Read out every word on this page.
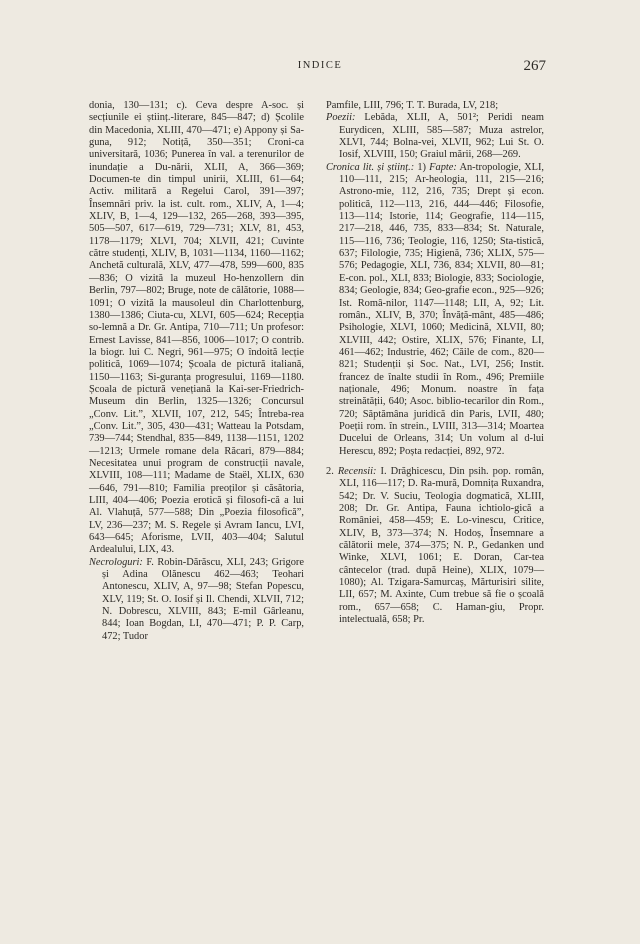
INDICE	267

donia, 130—131; c). Ceva despre A-soc. și secțiunile ei științ.-literare, 845—847; d) Școlile din Macedonia, XLIII, 470—471; e) Appony și Sa-guna, 912; Notiță, 350—351; Croni-ca universitară, 1036; Punerea în val. a terenurilor de inundație a Du-nării, XLII, A, 366—369; Documen-te din timpul unirii, XLIII, 61—64; Activ. militară a Regelui Carol, 391—397; Însemnări priv. la ist. cult. rom., XLIV, A, 1—4; XLIV, B, 1—4, 129—132, 265—268, 393—395, 505—507, 617—619, 729—731; XLV, 81, 453, 1178—1179; XLVI, 704; XLVII, 421; Cuvinte către studenți, XLIV, B, 1031—1134, 1160—1162; Anchetă culturală, XLV, 477—478, 599—600, 835—836; O vizită la muzeul Ho-henzollern din Berlin, 797—802; Bruge, note de călătorie, 1088—1091; O vizită la mausoleul din Charlottenburg, 1380—1386; Ciuta-cu, XLVI, 605—624; Recepția so-lemnă a Dr. Gr. Antipa, 710—711; Un profesor: Ernest Lavisse, 841—856, 1006—1017; O contrib. la biogr. lui C. Negri, 961—975; O îndoită lecție politică, 1069—1074; Școala de pictură italiană, 1150—1163; Si-guranța progresului, 1169—1180. Școala de pictură venețiană la Kai-ser-Friedrich-Museum din Berlin, 1325—1326; Concursul „Conv. Lit.”, XLVII, 107, 212, 545; Întreba-rea „Conv. Lit.”, 305, 430—431; Watteau la Potsdam, 739—744; Stendhal, 835—849, 1138—1151, 1202—1213; Urmele romane dela Răcari, 879—884; Necesitatea unui program de construcții navale, XLVIII, 108—111; Madame de Staël, XLIX, 630—646, 791—810; Familia preoților și căsătoria, LIII, 404—406; Poezia erotică și filosofi-că a lui Al. Vlahuță, 577—588; Din „Poezia filosofică”, LV, 236—237; M. S. Regele și Avram Iancu, LVI, 643—645; Aforisme, LVII, 403—404; Salutul Ardealului, LIX, 43.

Necrologuri: F. Robin-Dărăscu, XLI, 243; Grigore și Adina Olănescu 462—463; Teohari Antonescu, XLIV, A, 97—98; Stefan Popescu, XLV, 119; St. O. Iosif și Il. Chendi, XLVII, 712; N. Dobrescu, XLVIII, 843; E-mil Gârleanu, 844; Ioan Bogdan, LI, 470—471; P. P. Carp, 472; Tudor

Pamfile, LIII, 796; T. T. Burada, LV, 218;

Poezii: Lebăda, XLII, A, 501²; Peridi neam Eurydicen, XLIII, 585—587; Muza astrelor, XLVI, 744; Bolna-vei, XLVII, 962; Lui St. O. Iosif, XLVIII, 150; Graiul mării, 268—269.

Cronica lit. și științ.: 1) Fapte: An-tropologie, XLI, 110—111, 215; Ar-heologia, 111, 215—216; Astrono-mie, 112, 216, 735; Drept și econ. politică, 112—113, 216, 444—446; Filosofie, 113—114; Istorie, 114; Geografie, 114—115, 217—218, 446, 735, 833—834; St. Naturale, 115—116, 736; Teologie, 116, 1250; Sta-tistică, 637; Filologie, 735; Higienă, 736; XLIX, 575—576; Pedagogie, XLI, 736, 834; XLVII, 80—81; E-con. pol., XLI, 833; Biologie, 833; Sociologie, 834; Geologie, 834; Geo-grafie econ., 925—926; Ist. Româ-nilor, 1147—1148; LII, A, 92; Lit. român., XLIV, B, 370; Învăță-mânt, 485—486; Psihologie, XLVI, 1060; Medicină, XLVII, 80; XLVIII, 442; Ostire, XLIX, 576; Finante, LI, 461—462; Industrie, 462; Căile de com., 820—821; Studenții și Soc. Nat., LVI, 256; Instit. francez de înalte studii în Rom., 496; Premiile naționale, 496; Monum. noastre în fața streinătății, 640; Asoc. biblio-tecarilor din Rom., 720; Săptămâna juridică din Paris, LVII, 480; Poeții rom. în strein., LVIII, 313—314; Moartea Ducelui de Orleans, 314; Un volum al d-lui Herescu, 892; Poșta redacției, 892, 972.

2. Recensii: I. Drăghicescu, Din psih. pop. român, XLI, 116—117; D. Ra-mură, Domnița Ruxandra, 542; Dr. V. Suciu, Teologia dogmatică, XLIII, 208; Dr. Gr. Antipa, Fauna ichtiolo-gică a României, 458—459; E. Lo-vinescu, Critice, XLIV, B, 373—374; N. Hodoș, Însemnare a călătorii mele, 374—375; N. P., Gedanken und Winke, XLVI, 1061; E. Doran, Car-tea cântecelor (trad. după Heine), XLIX, 1079—1080); Al. Tzigara-Samurcaș, Mărturisiri silite, LII, 657; M. Axinte, Cum trebue să fie o școală rom., 657—658; C. Haman-giu, Propr. intelectuală, 658; Pr.
